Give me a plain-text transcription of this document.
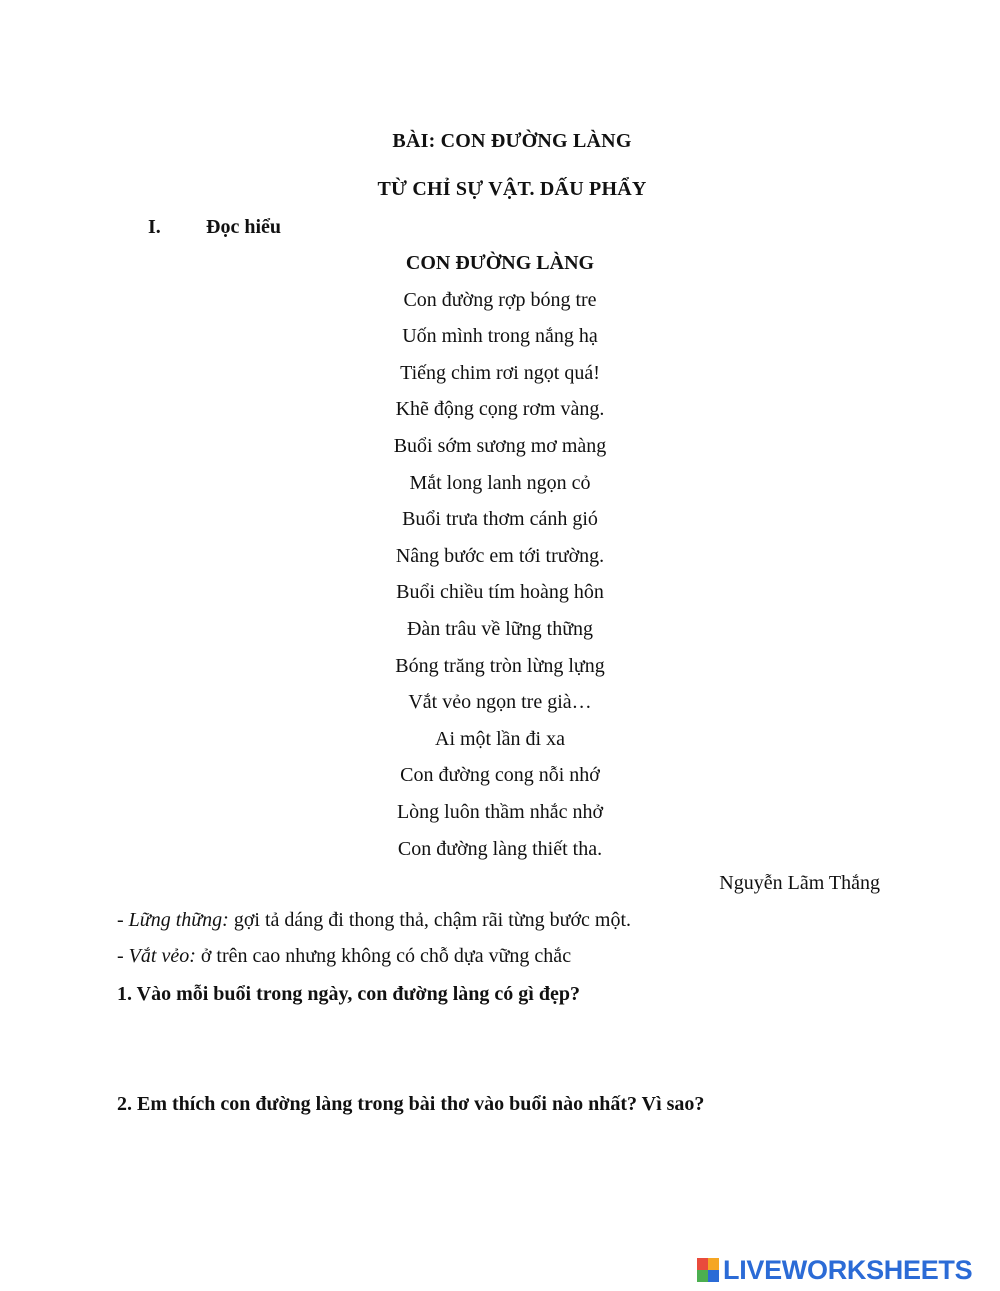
BÀI: CON ĐƯỜNG LÀNG
TỪ CHỈ SỰ VẬT. DẤU PHẨY
I. Đọc hiểu
CON ĐƯỜNG LÀNG
Con đường rợp bóng tre
Uốn mình trong nắng hạ
Tiếng chim rơi ngọt quá!
Khẽ động cọng rơm vàng.
Buổi sớm sương mơ màng
Mắt long lanh ngọn cỏ
Buổi trưa thơm cánh gió
Nâng bước em tới trường.
Buổi chiều tím hoàng hôn
Đàn trâu về lững thững
Bóng trăng tròn lừng lựng
Vắt vẻo ngọn tre già…
Ai một lần đi xa
Con đường cong nỗi nhớ
Lòng luôn thầm nhắc nhở
Con đường làng thiết tha.
Nguyễn Lãm Thắng
- Lững thững: gợi tả dáng đi thong thả, chậm rãi từng bước một.
- Vắt vẻo: ở trên cao nhưng không có chỗ dựa vững chắc
1. Vào mỗi buổi trong ngày, con đường làng có gì đẹp?
2. Em thích con đường làng trong bài thơ vào buổi nào nhất? Vì sao?
LIVEWORKSHEETS
